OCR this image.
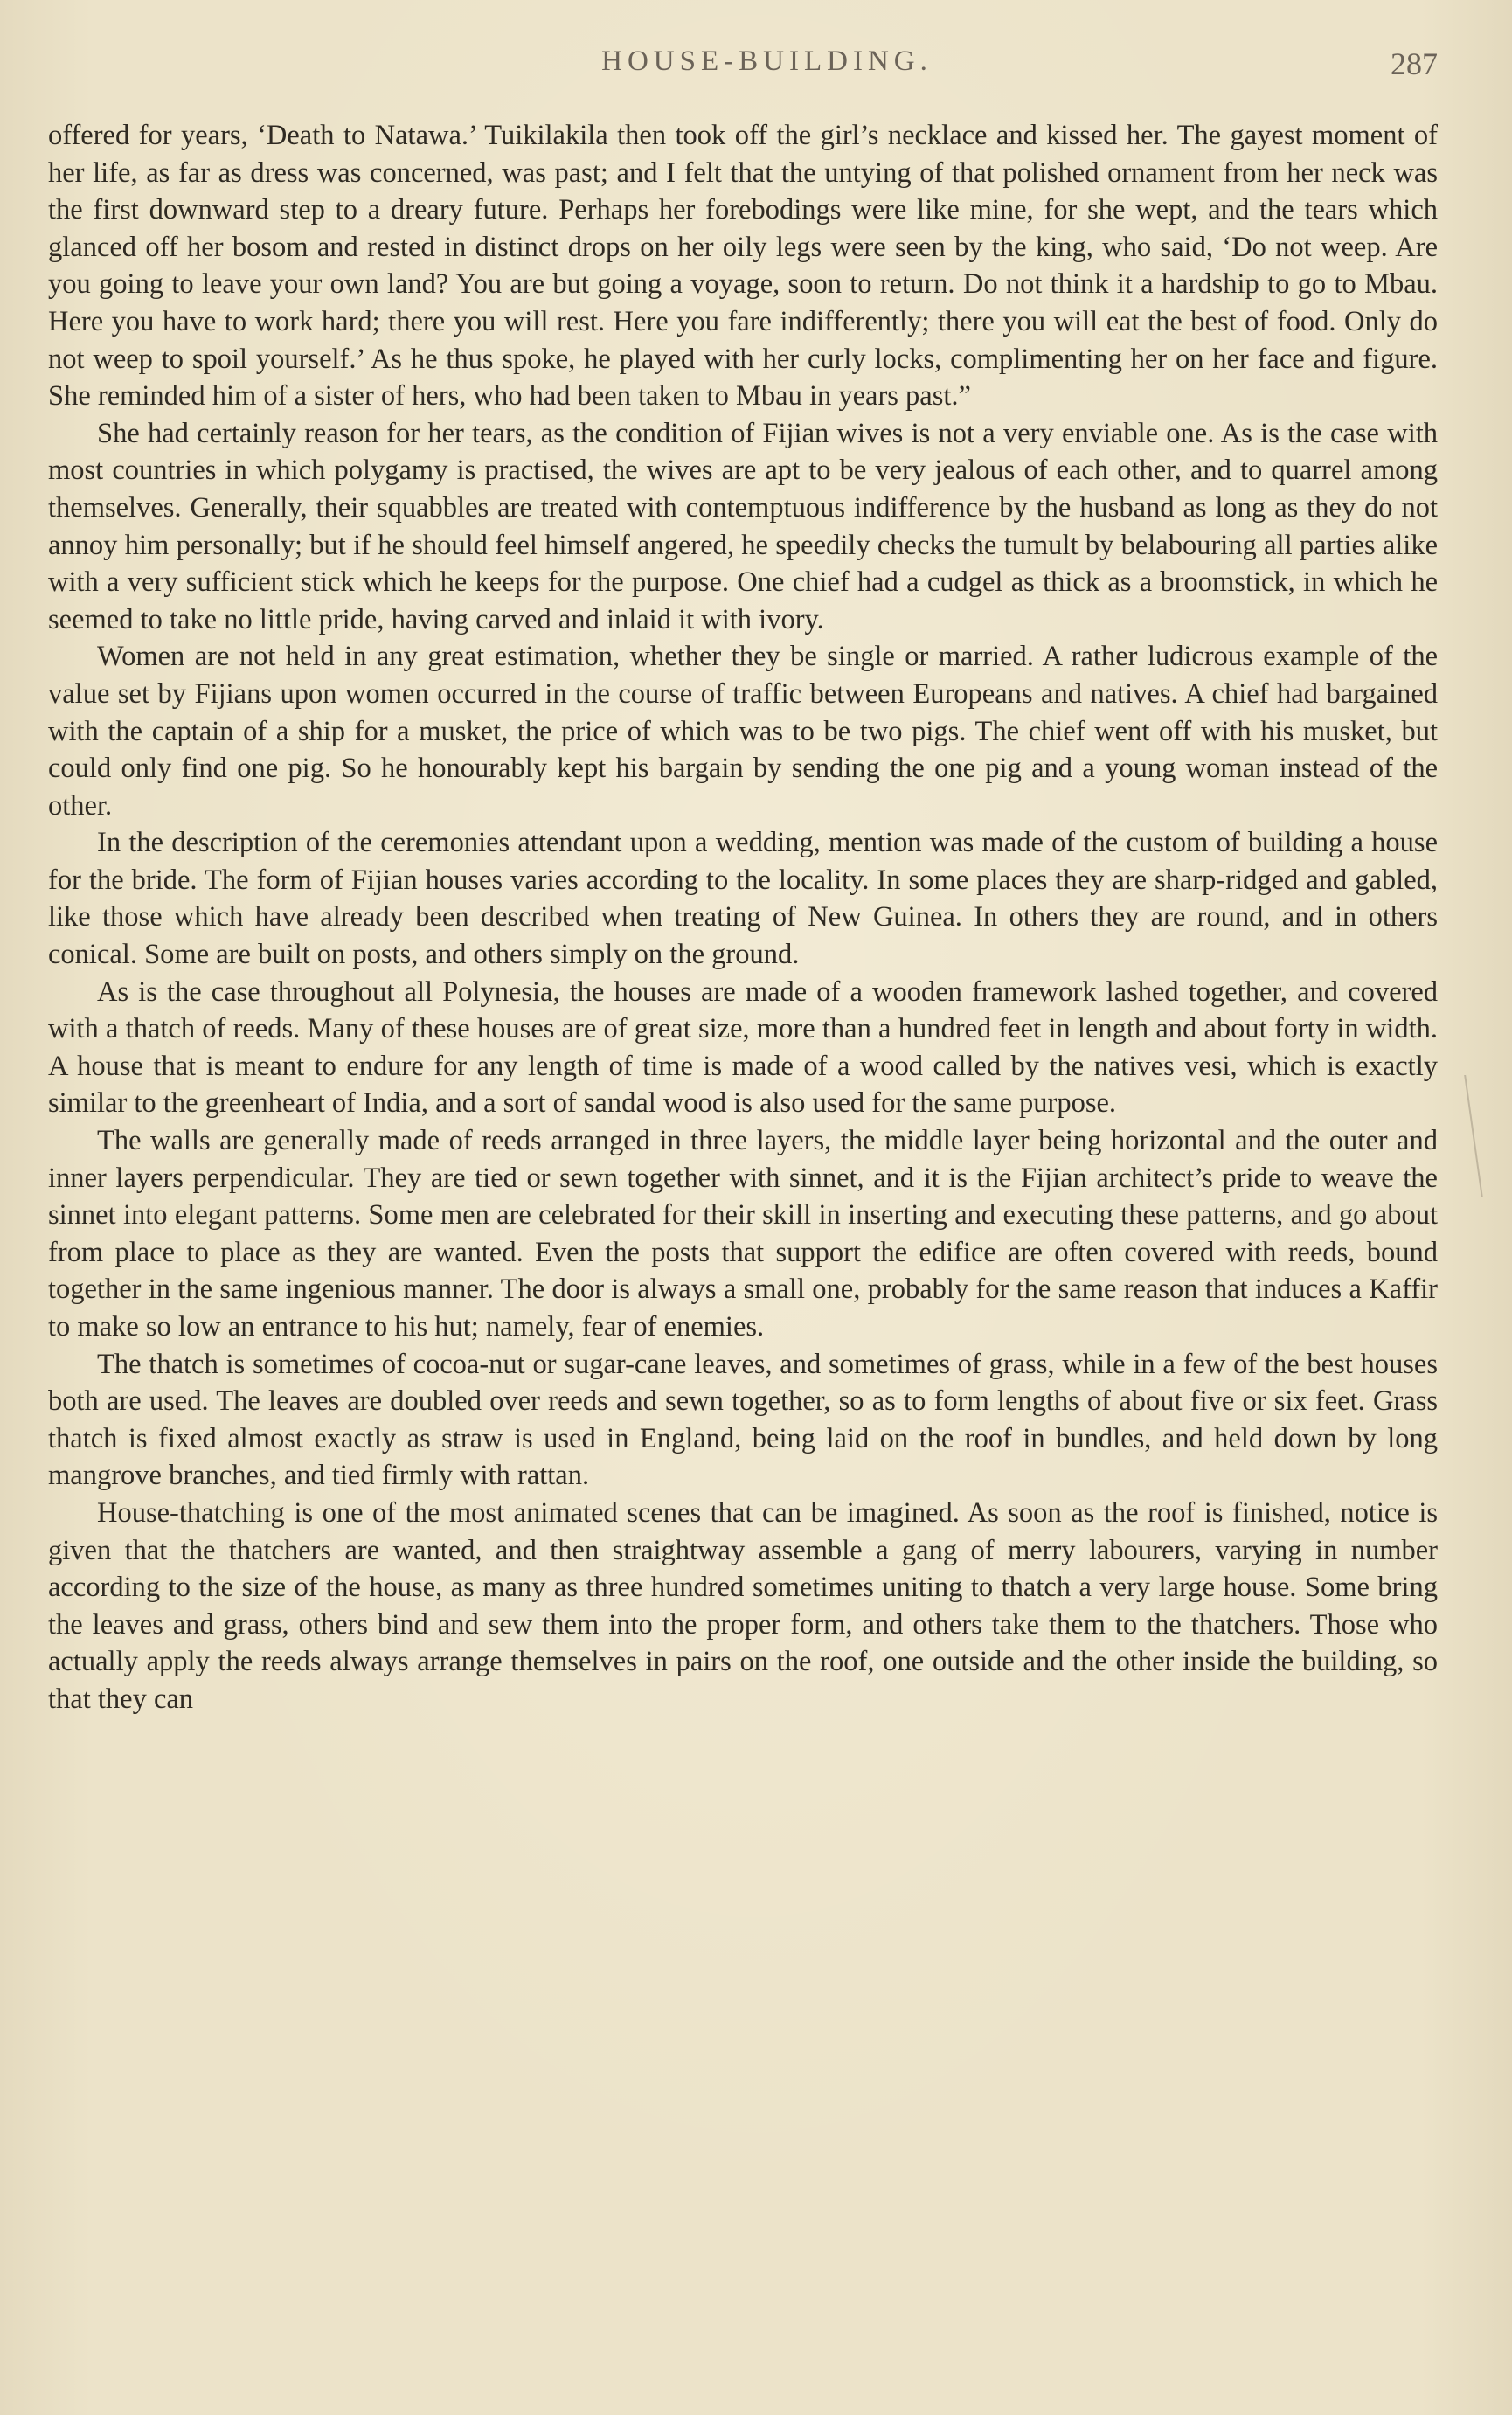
HOUSE-BUILDING.	287

offered for years, ‘Death to Natawa.’ Tuikilakila then took off the girl’s necklace and kissed her. The gayest moment of her life, as far as dress was concerned, was past; and I felt that the untying of that polished ornament from her neck was the first downward step to a dreary future. Perhaps her forebodings were like mine, for she wept, and the tears which glanced off her bosom and rested in distinct drops on her oily legs were seen by the king, who said, ‘Do not weep. Are you going to leave your own land? You are but going a voyage, soon to return. Do not think it a hardship to go to Mbau. Here you have to work hard; there you will rest. Here you fare indifferently; there you will eat the best of food. Only do not weep to spoil yourself.’ As he thus spoke, he played with her curly locks, complimenting her on her face and figure. She reminded him of a sister of hers, who had been taken to Mbau in years past.”

She had certainly reason for her tears, as the condition of Fijian wives is not a very enviable one. As is the case with most countries in which polygamy is practised, the wives are apt to be very jealous of each other, and to quarrel among themselves. Generally, their squabbles are treated with contemptuous indifference by the husband as long as they do not annoy him personally; but if he should feel himself angered, he speedily checks the tumult by belabouring all parties alike with a very sufficient stick which he keeps for the purpose. One chief had a cudgel as thick as a broomstick, in which he seemed to take no little pride, having carved and inlaid it with ivory.

Women are not held in any great estimation, whether they be single or married. A rather ludicrous example of the value set by Fijians upon women occurred in the course of traffic between Europeans and natives. A chief had bargained with the captain of a ship for a musket, the price of which was to be two pigs. The chief went off with his musket, but could only find one pig. So he honourably kept his bargain by sending the one pig and a young woman instead of the other.

In the description of the ceremonies attendant upon a wedding, mention was made of the custom of building a house for the bride. The form of Fijian houses varies according to the locality. In some places they are sharp-ridged and gabled, like those which have already been described when treating of New Guinea. In others they are round, and in others conical. Some are built on posts, and others simply on the ground.

As is the case throughout all Polynesia, the houses are made of a wooden framework lashed together, and covered with a thatch of reeds. Many of these houses are of great size, more than a hundred feet in length and about forty in width. A house that is meant to endure for any length of time is made of a wood called by the natives vesi, which is exactly similar to the greenheart of India, and a sort of sandal wood is also used for the same purpose.

The walls are generally made of reeds arranged in three layers, the middle layer being horizontal and the outer and inner layers perpendicular. They are tied or sewn together with sinnet, and it is the Fijian architect’s pride to weave the sinnet into elegant patterns. Some men are celebrated for their skill in inserting and executing these patterns, and go about from place to place as they are wanted. Even the posts that support the edifice are often covered with reeds, bound together in the same ingenious manner. The door is always a small one, probably for the same reason that induces a Kaffir to make so low an entrance to his hut; namely, fear of enemies.

The thatch is sometimes of cocoa-nut or sugar-cane leaves, and sometimes of grass, while in a few of the best houses both are used. The leaves are doubled over reeds and sewn together, so as to form lengths of about five or six feet. Grass thatch is fixed almost exactly as straw is used in England, being laid on the roof in bundles, and held down by long mangrove branches, and tied firmly with rattan.

House-thatching is one of the most animated scenes that can be imagined. As soon as the roof is finished, notice is given that the thatchers are wanted, and then straightway assemble a gang of merry labourers, varying in number according to the size of the house, as many as three hundred sometimes uniting to thatch a very large house. Some bring the leaves and grass, others bind and sew them into the proper form, and others take them to the thatchers. Those who actually apply the reeds always arrange themselves in pairs on the roof, one outside and the other inside the building, so that they can
